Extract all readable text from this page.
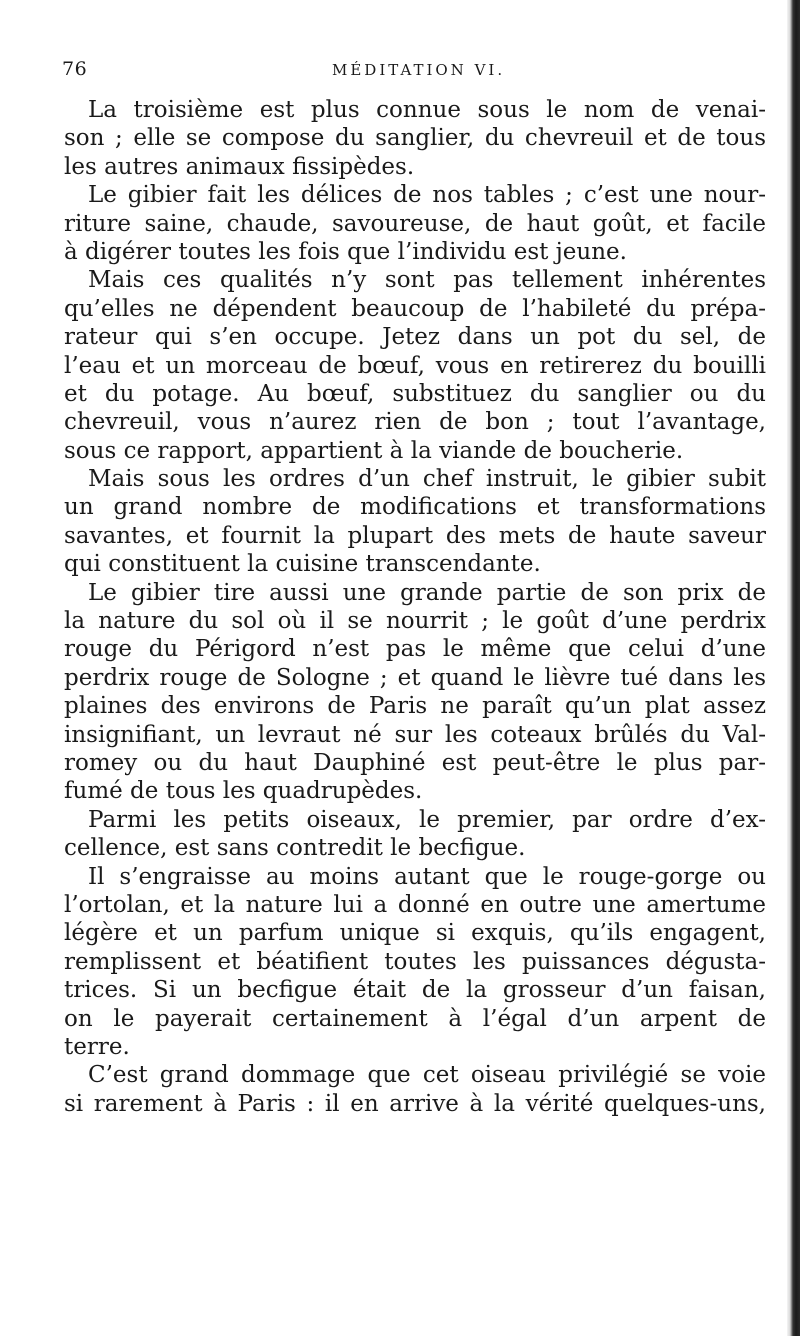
76	MÉDITATION VI.
La troisième est plus connue sous le nom de venai-
son ; elle se compose du sanglier, du chevreuil et de tous
les autres animaux fissipèdes.
Le gibier fait les délices de nos tables ; c’est une nour-
riture saine, chaude, savoureuse, de haut goût, et facile
à digérer toutes les fois que l’individu est jeune.
Mais ces qualités n’y sont pas tellement inhérentes
qu’elles ne dépendent beaucoup de l’habileté du prépa-
rateur qui s’en occupe. Jetez dans un pot du sel, de
l’eau et un morceau de bœuf, vous en retirerez du bouilli
et du potage. Au bœuf, substituez du sanglier ou du
chevreuil, vous n’aurez rien de bon ; tout l’avantage,
sous ce rapport, appartient à la viande de boucherie.
Mais sous les ordres d’un chef instruit, le gibier subit
un grand nombre de modifications et transformations
savantes, et fournit la plupart des mets de haute saveur
qui constituent la cuisine transcendante.
Le gibier tire aussi une grande partie de son prix de
la nature du sol où il se nourrit ; le goût d’une perdrix
rouge du Périgord n’est pas le même que celui d’une
perdrix rouge de Sologne ; et quand le lièvre tué dans les
plaines des environs de Paris ne paraît qu’un plat assez
insignifiant, un levraut né sur les coteaux brûlés du Val-
romey ou du haut Dauphiné est peut-être le plus par-
fumé de tous les quadrupèdes.
Parmi les petits oiseaux, le premier, par ordre d’ex-
cellence, est sans contredit le becfigue.
Il s’engraisse au moins autant que le rouge-gorge ou
l’ortolan, et la nature lui a donné en outre une amertume
légère et un parfum unique si exquis, qu’ils engagent,
remplissent et béatifient toutes les puissances dégusta-
trices. Si un becfigue était de la grosseur d’un faisan,
on le payerait certainement à l’égal d’un arpent de
terre.
C’est grand dommage que cet oiseau privilégié se voie
si rarement à Paris : il en arrive à la vérité quelques-uns,
